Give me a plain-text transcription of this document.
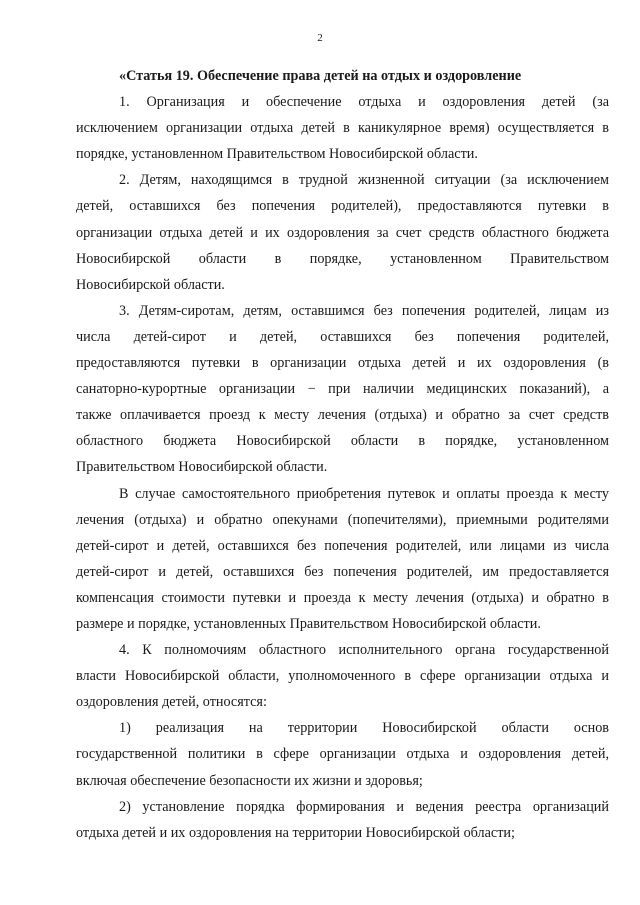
2
«Статья 19. Обеспечение права детей на отдых и оздоровление
1. Организация и обеспечение отдыха и оздоровления детей (за
исключением организации отдыха детей в каникулярное время) осуществляется в
порядке, установленном Правительством Новосибирской области.
2. Детям, находящимся в трудной жизненной ситуации (за исключением
детей, оставшихся без попечения родителей), предоставляются путевки в
организации отдыха детей и их оздоровления за счет средств областного бюджета
Новосибирской области в порядке, установленном Правительством
Новосибирской области.
3. Детям-сиротам, детям, оставшимся без попечения родителей, лицам из
числа детей-сирот и детей, оставшихся без попечения родителей,
предоставляются путевки в организации отдыха детей и их оздоровления (в
санаторно-курортные организации − при наличии медицинских показаний), а
также оплачивается проезд к месту лечения (отдыха) и обратно за счет средств
областного бюджета Новосибирской области в порядке, установленном
Правительством Новосибирской области.
В случае самостоятельного приобретения путевок и оплаты проезда к месту
лечения (отдыха) и обратно опекунами (попечителями), приемными родителями
детей-сирот и детей, оставшихся без попечения родителей, или лицами из числа
детей-сирот и детей, оставшихся без попечения родителей, им предоставляется
компенсация стоимости путевки и проезда к месту лечения (отдыха) и обратно в
размере и порядке, установленных Правительством Новосибирской области.
4. К полномочиям областного исполнительного органа государственной
власти Новосибирской области, уполномоченного в сфере организации отдыха и
оздоровления детей, относятся:
1) реализация на территории Новосибирской области основ
государственной политики в сфере организации отдыха и оздоровления детей,
включая обеспечение безопасности их жизни и здоровья;
2) установление порядка формирования и ведения реестра организаций
отдыха детей и их оздоровления на территории Новосибирской области;
